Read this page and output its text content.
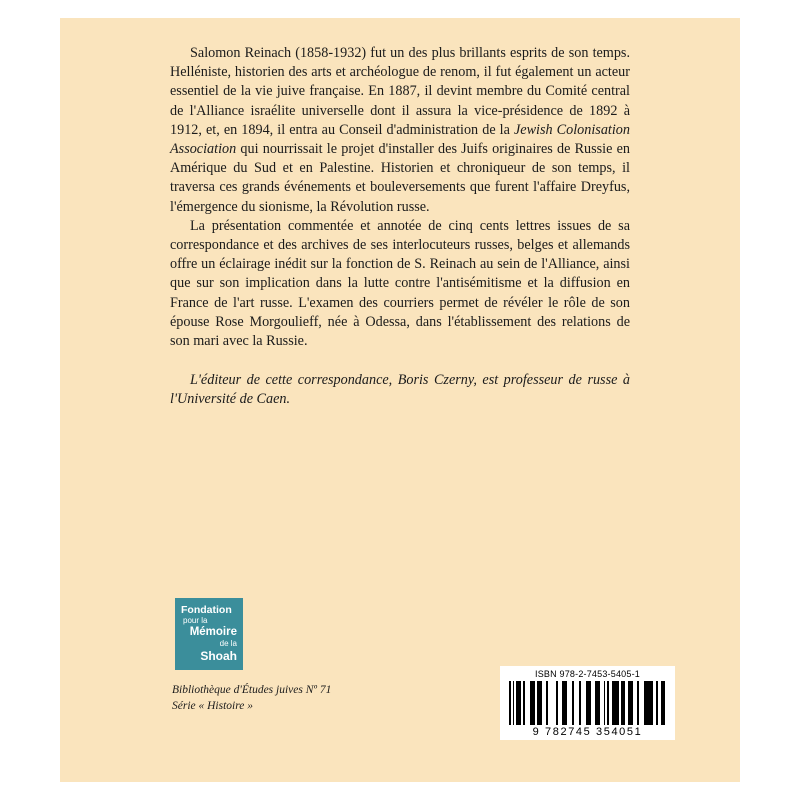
Salomon Reinach (1858-1932) fut un des plus brillants esprits de son temps. Helléniste, historien des arts et archéologue de renom, il fut également un acteur essentiel de la vie juive française. En 1887, il devint membre du Comité central de l'Alliance israélite universelle dont il assura la vice-présidence de 1892 à 1912, et, en 1894, il entra au Conseil d'administration de la Jewish Colonisation Association qui nourrissait le projet d'installer des Juifs originaires de Russie en Amérique du Sud et en Palestine. Historien et chroniqueur de son temps, il traversa ces grands événements et bouleversements que furent l'affaire Dreyfus, l'émergence du sionisme, la Révolution russe.

La présentation commentée et annotée de cinq cents lettres issues de sa correspondance et des archives de ses interlocuteurs russes, belges et allemands offre un éclairage inédit sur la fonction de S. Reinach au sein de l'Alliance, ainsi que sur son implication dans la lutte contre l'antisémitisme et la diffusion en France de l'art russe. L'examen des courriers permet de révéler le rôle de son épouse Rose Morgoulieff, née à Odessa, dans l'établissement des relations de son mari avec la Russie.

L'éditeur de cette correspondance, Boris Czerny, est professeur de russe à l'Université de Caen.

Fondation
pour la
Mémoire
de la
Shoah
Bibliothèque d'Études juives Nº 71
Série « Histoire »
ISBN 978-2-7453-5405-1
9 782745 354051
